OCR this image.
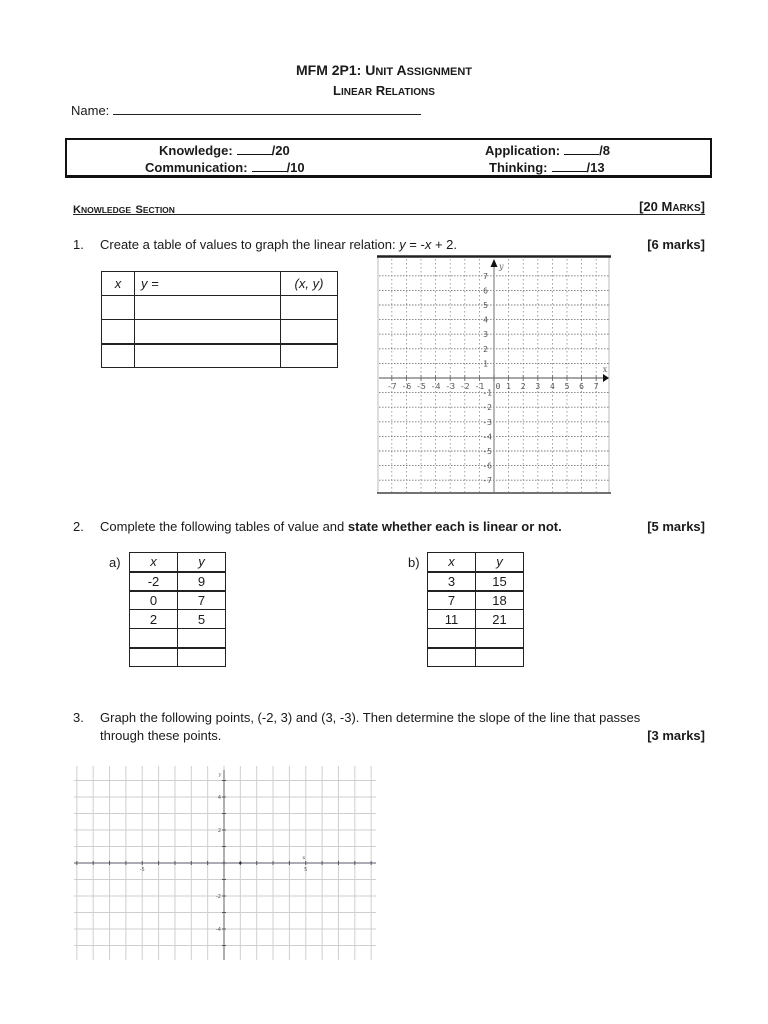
MFM 2P1: UNIT ASSIGNMENT
LINEAR RELATIONS
Name:
Knowledge:	/20
Communication:	/10
Application:	/8
Thinking:	/13
KNOWLEDGE SECTION	[20 MARKS]
1. Create a table of values to graph the linear relation: y = -x + 2.	[6 marks]
x	y =	(x, y)

-7 -6 -5 -4 -3 -2 -1 0 1 2 3 4 5 6 7
7
6
5
4
3
2
1
-1
-2
-3
-4
-5
-6
-7
x
y
2. Complete the following tables of value and state whether each is linear or not.	[5 marks]
a) x	y
-2	9
0	7
2	5

b) x	y
3	15
7	18
11	21

3. Graph the following points, (-2, 3) and (3, -3). Then determine the slope of the line that passes
through these points.	[3 marks]
-5	5
4
2
-2
-4
x
y
